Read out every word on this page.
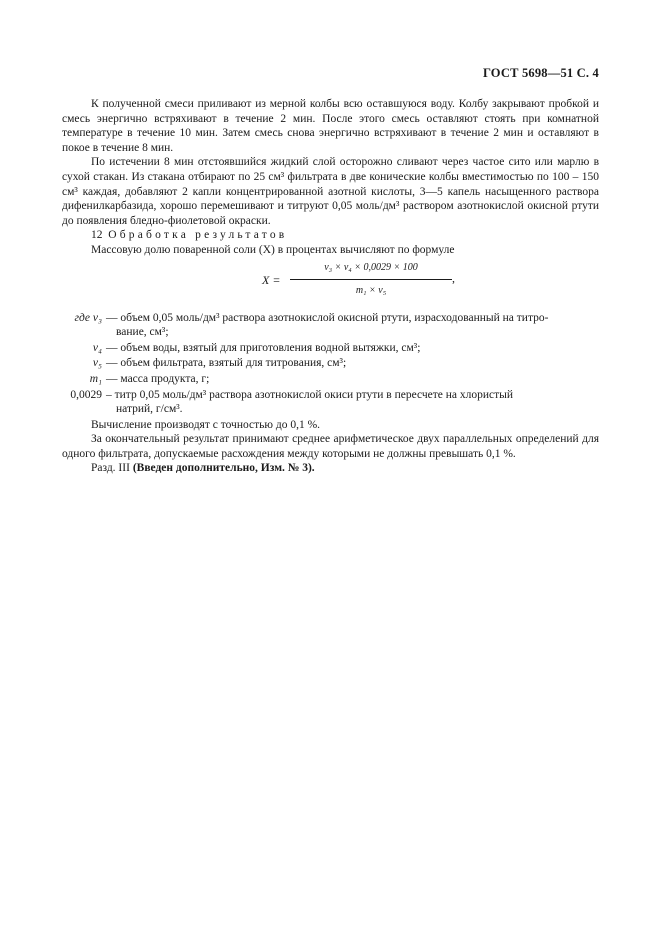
ГОСТ 5698—51 С. 4

К полученной смеси приливают из мерной колбы всю оставшуюся воду. Колбу закрывают пробкой и смесь энергично встряхивают в течение 2 мин. После этого смесь оставляют стоять при комнатной температуре в течение 10 мин. Затем смесь снова энергично встряхивают в течение 2 мин и оставляют в покое в течение 8 мин.

По истечении 8 мин отстоявшийся жидкий слой осторожно сливают через частое сито или марлю в сухой стакан. Из стакана отбирают по 25 см³ фильтрата в две конические колбы вместимостью по 100 – 150 см³ каждая, добавляют 2 капли концентрированной азотной кислоты, 3—5 капель насыщенного раствора дифенилкарбазида, хорошо перемешивают и титруют 0,05 моль/дм³ раствором азотнокислой окисной ртути до появления бледно-фиолетовой окраски.

12 Обработка результатов

Массовую долю поваренной соли (X) в процентах вычисляют по формуле

X =
v₃ × v₄ × 0,0029 × 100
m₁ × v₅
,
где v₃ — объем 0,05 моль/дм³ раствора азотнокислой окисной ртути, израсходованный на титро-
вание, см³;
v₄ — объем воды, взятый для приготовления водной вытяжки, см³;
v₅ — объем фильтрата, взятый для титрования, см³;
m₁ — масса продукта, г;
0,0029 – титр 0,05 моль/дм³ раствора азотнокислой окиси ртути в пересчете на хлористый
натрий, г/см³.

Вычисление производят с точностью до 0,1 %.

За окончательный результат принимают среднее арифметическое двух параллельных определений для одного фильтрата, допускаемые расхождения между которыми не должны превышать 0,1 %.

Разд. III (Введен дополнительно, Изм. № 3).
